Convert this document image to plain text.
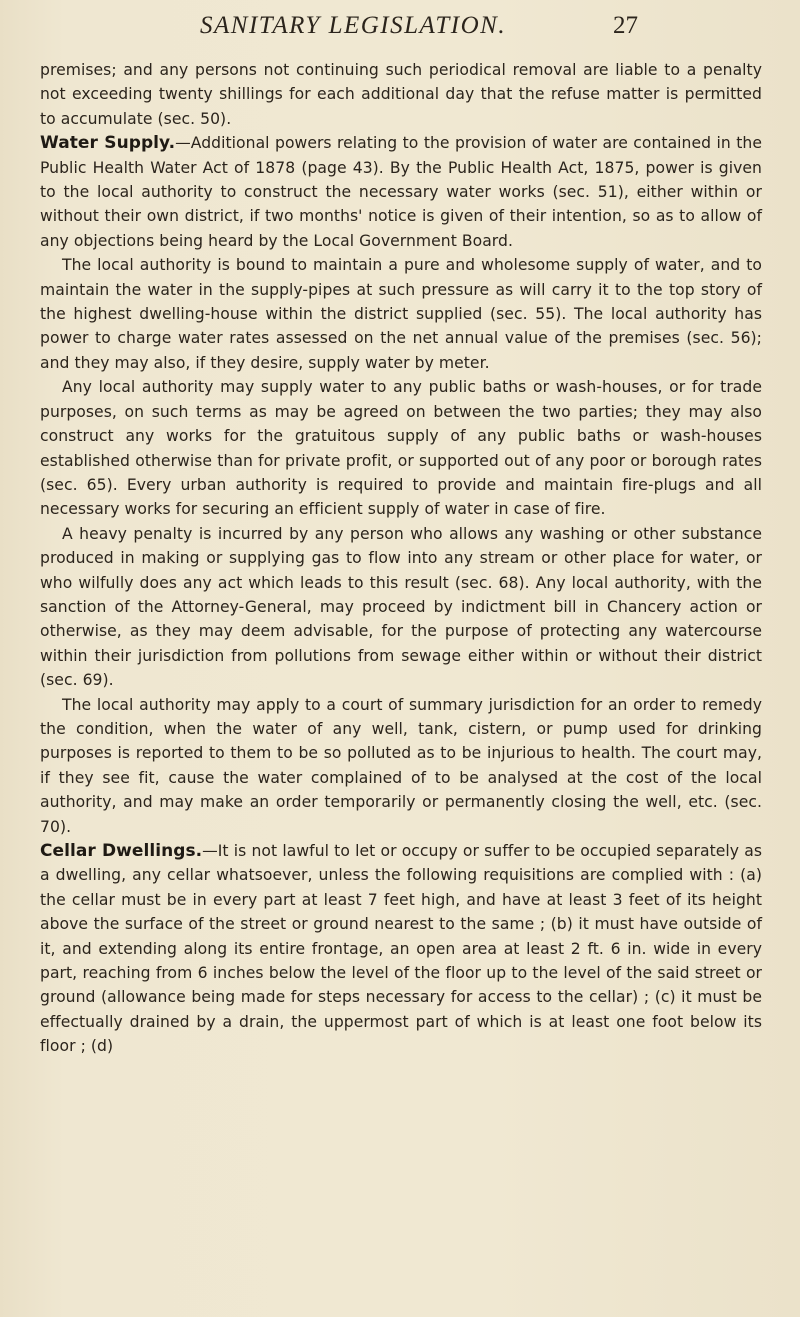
SANITARY LEGISLATION.	27

premises; and any persons not continuing such periodical removal are liable to a penalty not exceeding twenty shillings for each additional day that the refuse matter is permitted to accumulate (sec. 50).

Water Supply.—Additional powers relating to the provision of water are contained in the Public Health Water Act of 1878 (page 43). By the Public Health Act, 1875, power is given to the local authority to construct the necessary water works (sec. 51), either within or without their own district, if two months' notice is given of their intention, so as to allow of any objections being heard by the Local Government Board.

The local authority is bound to maintain a pure and wholesome supply of water, and to maintain the water in the supply-pipes at such pressure as will carry it to the top story of the highest dwelling-house within the district supplied (sec. 55). The local authority has power to charge water rates assessed on the net annual value of the premises (sec. 56); and they may also, if they desire, supply water by meter.

Any local authority may supply water to any public baths or wash-houses, or for trade purposes, on such terms as may be agreed on between the two parties; they may also construct any works for the gratuitous supply of any public baths or wash-houses established otherwise than for private profit, or supported out of any poor or borough rates (sec. 65). Every urban authority is required to provide and maintain fire-plugs and all necessary works for securing an efficient supply of water in case of fire.

A heavy penalty is incurred by any person who allows any washing or other substance produced in making or supplying gas to flow into any stream or other place for water, or who wilfully does any act which leads to this result (sec. 68). Any local authority, with the sanction of the Attorney-General, may proceed by indictment bill in Chancery action or otherwise, as they may deem advisable, for the purpose of protecting any watercourse within their jurisdiction from pollutions from sewage either within or without their district (sec. 69).

The local authority may apply to a court of summary jurisdiction for an order to remedy the condition, when the water of any well, tank, cistern, or pump used for drinking purposes is reported to them to be so polluted as to be injurious to health. The court may, if they see fit, cause the water complained of to be analysed at the cost of the local authority, and may make an order temporarily or permanently closing the well, etc. (sec. 70).

Cellar Dwellings.—It is not lawful to let or occupy or suffer to be occupied separately as a dwelling, any cellar whatsoever, unless the following requisitions are complied with : (a) the cellar must be in every part at least 7 feet high, and have at least 3 feet of its height above the surface of the street or ground nearest to the same ; (b) it must have outside of it, and extending along its entire frontage, an open area at least 2 ft. 6 in. wide in every part, reaching from 6 inches below the level of the floor up to the level of the said street or ground (allowance being made for steps necessary for access to the cellar) ; (c) it must be effectually drained by a drain, the uppermost part of which is at least one foot below its floor ; (d)
